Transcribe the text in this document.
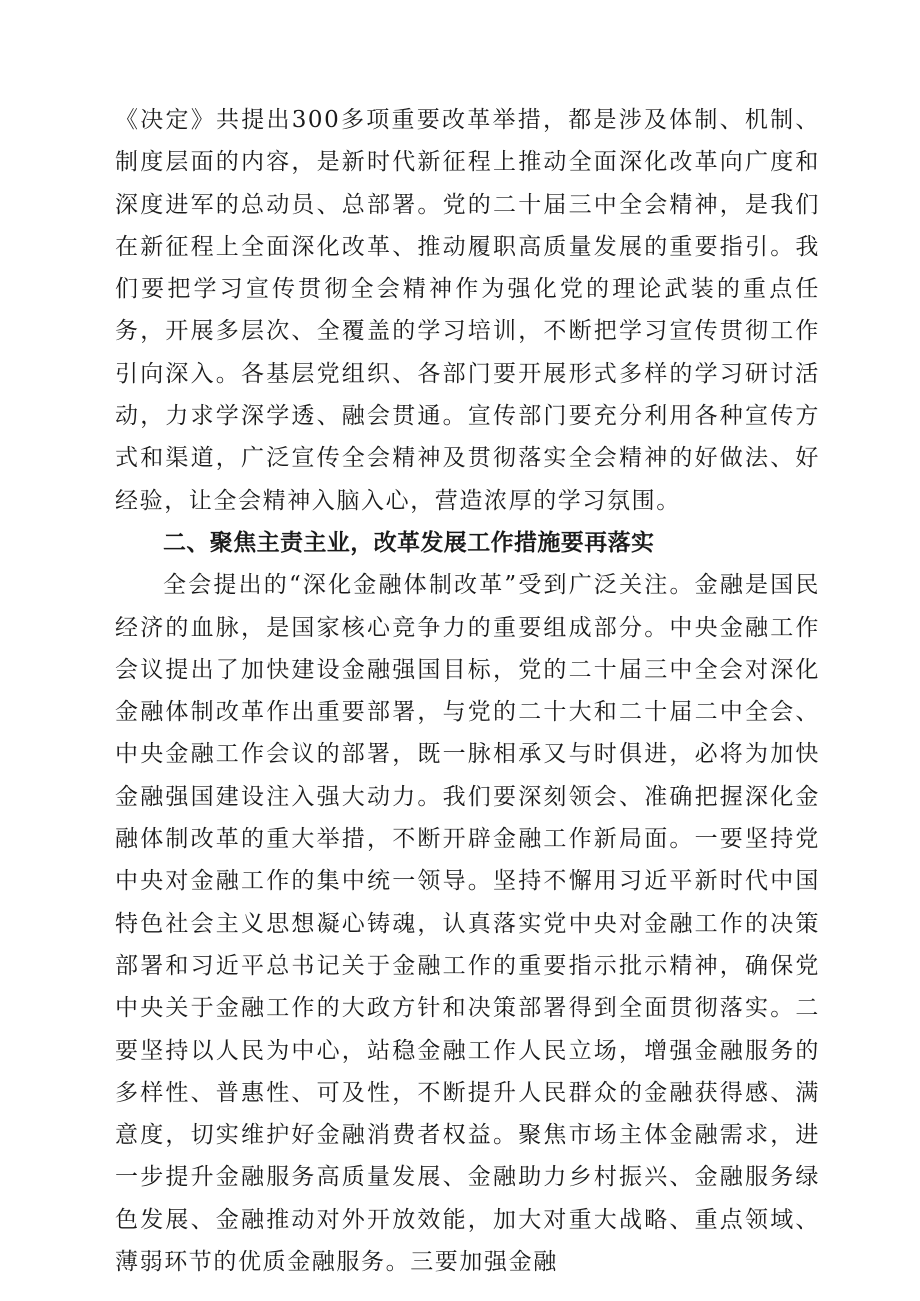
《决定》共提出300多项重要改革举措，都是涉及体制、机制、制度层面的内容，是新时代新征程上推动全面深化改革向广度和深度进军的总动员、总部署。党的二十届三中全会精神，是我们在新征程上全面深化改革、推动履职高质量发展的重要指引。我们要把学习宣传贯彻全会精神作为强化党的理论武装的重点任务，开展多层次、全覆盖的学习培训，不断把学习宣传贯彻工作引向深入。各基层党组织、各部门要开展形式多样的学习研讨活动，力求学深学透、融会贯通。宣传部门要充分利用各种宣传方式和渠道，广泛宣传全会精神及贯彻落实全会精神的好做法、好经验，让全会精神入脑入心，营造浓厚的学习氛围。

二、聚焦主责主业，改革发展工作措施要再落实

全会提出的“深化金融体制改革”受到广泛关注。金融是国民经济的血脉，是国家核心竞争力的重要组成部分。中央金融工作会议提出了加快建设金融强国目标，党的二十届三中全会对深化金融体制改革作出重要部署，与党的二十大和二十届二中全会、中央金融工作会议的部署，既一脉相承又与时俱进，必将为加快金融强国建设注入强大动力。我们要深刻领会、准确把握深化金融体制改革的重大举措，不断开辟金融工作新局面。一要坚持党中央对金融工作的集中统一领导。坚持不懈用习近平新时代中国特色社会主义思想凝心铸魂，认真落实党中央对金融工作的决策部署和习近平总书记关于金融工作的重要指示批示精神，确保党中央关于金融工作的大政方针和决策部署得到全面贯彻落实。二要坚持以人民为中心，站稳金融工作人民立场，增强金融服务的多样性、普惠性、可及性，不断提升人民群众的金融获得感、满意度，切实维护好金融消费者权益。聚焦市场主体金融需求，进一步提升金融服务高质量发展、金融助力乡村振兴、金融服务绿色发展、金融推动对外开放效能，加大对重大战略、重点领域、薄弱环节的优质金融服务。三要加强金融
